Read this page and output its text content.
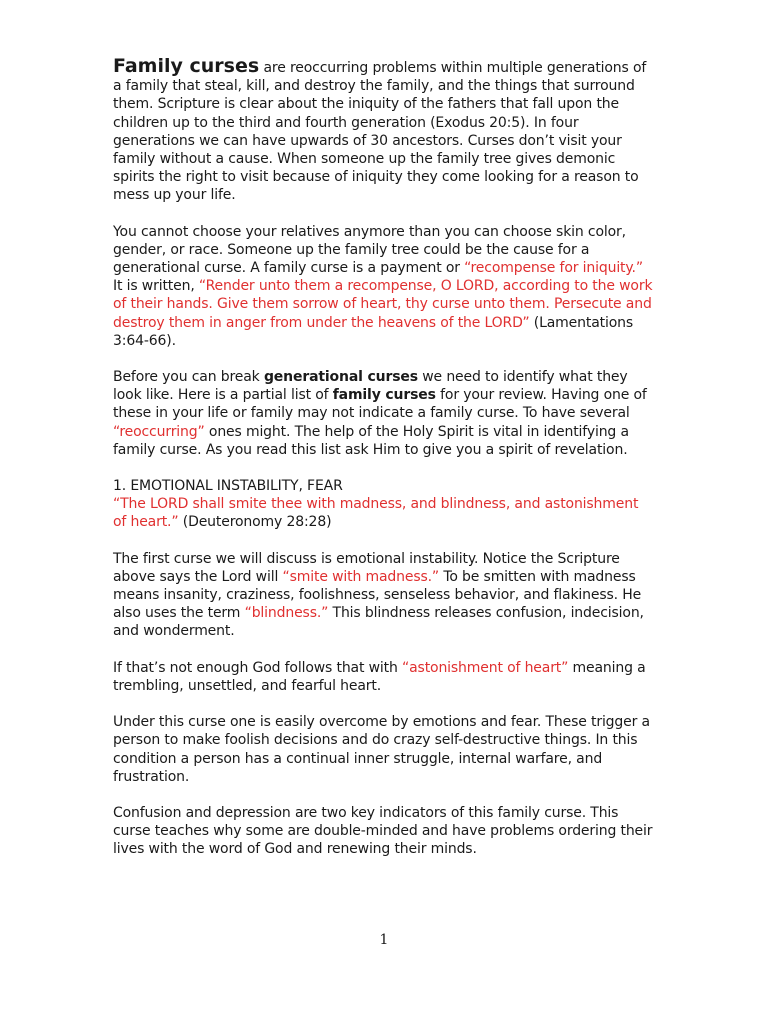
Family curses are reoccurring problems within multiple generations of a family that steal, kill, and destroy the family, and the things that surround them. Scripture is clear about the iniquity of the fathers that fall upon the children up to the third and fourth generation (Exodus 20:5). In four generations we can have upwards of 30 ancestors. Curses don’t visit your family without a cause. When someone up the family tree gives demonic spirits the right to visit because of iniquity they come looking for a reason to mess up your life.

You cannot choose your relatives anymore than you can choose skin color, gender, or race. Someone up the family tree could be the cause for a generational curse. A family curse is a payment or “recompense for iniquity.” It is written, “Render unto them a recompense, O LORD, according to the work of their hands. Give them sorrow of heart, thy curse unto them. Persecute and destroy them in anger from under the heavens of the LORD” (Lamentations 3:64-66).

Before you can break generational curses we need to identify what they look like. Here is a partial list of family curses for your review. Having one of these in your life or family may not indicate a family curse. To have several “reoccurring” ones might. The help of the Holy Spirit is vital in identifying a family curse. As you read this list ask Him to give you a spirit of revelation.

1. EMOTIONAL INSTABILITY, FEAR

“The LORD shall smite thee with madness, and blindness, and astonishment of heart.” (Deuteronomy 28:28)

The first curse we will discuss is emotional instability. Notice the Scripture above says the Lord will “smite with madness.” To be smitten with madness means insanity, craziness, foolishness, senseless behavior, and flakiness. He also uses the term “blindness.” This blindness releases confusion, indecision, and wonderment.

If that’s not enough God follows that with “astonishment of heart” meaning a trembling, unsettled, and fearful heart.

Under this curse one is easily overcome by emotions and fear. These trigger a person to make foolish decisions and do crazy self-destructive things. In this condition a person has a continual inner struggle, internal warfare, and frustration.

Confusion and depression are two key indicators of this family curse. This curse teaches why some are double-minded and have problems ordering their lives with the word of God and renewing their minds.

1
